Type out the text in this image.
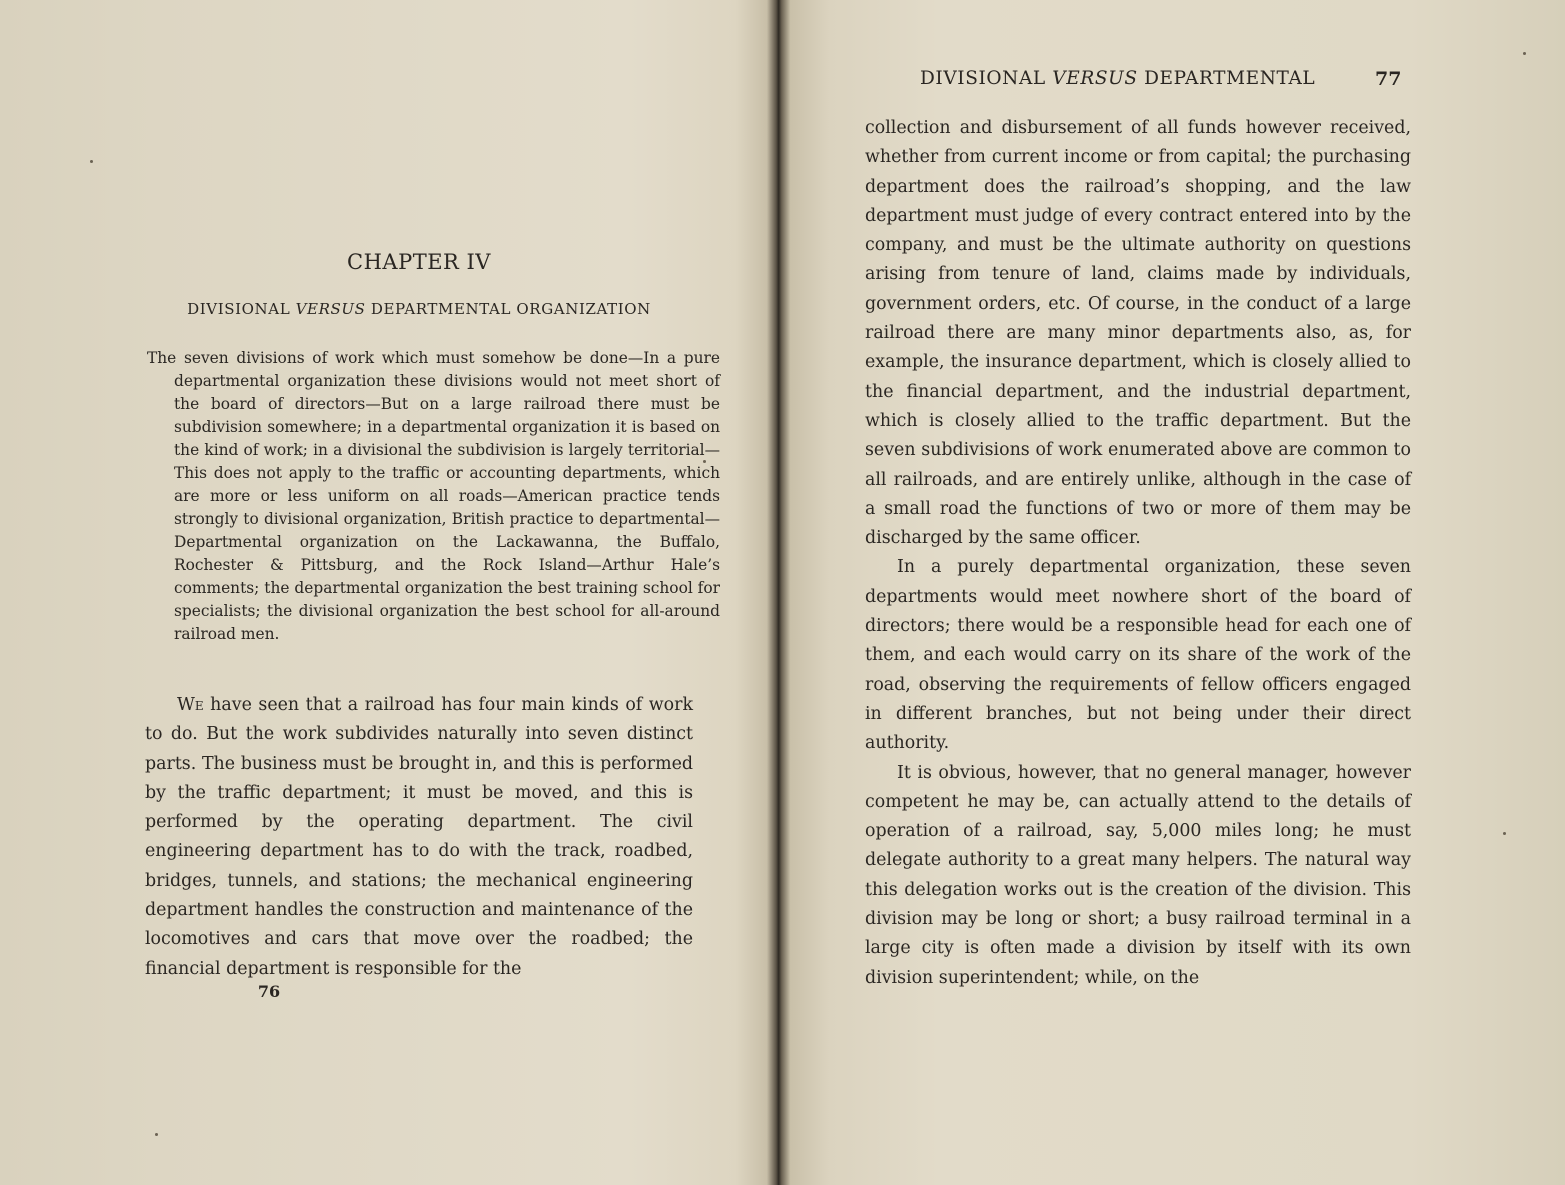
CHAPTER IV
DIVISIONAL VERSUS DEPARTMENTAL ORGANIZATION
The seven divisions of work which must somehow be done—In a pure departmental organization these divisions would not meet short of the board of directors—But on a large railroad there must be subdivision somewhere; in a departmental organization it is based on the kind of work; in a divisional the subdivision is largely territorial—This does not apply to the traffic or accounting departments, which are more or less uniform on all roads—American practice tends strongly to divisional organization, British practice to departmental—Departmental organization on the Lackawanna, the Buffalo, Rochester & Pittsburg, and the Rock Island—Arthur Hale’s comments; the departmental organization the best training school for specialists; the divisional organization the best school for all-around railroad men.

We have seen that a railroad has four main kinds of work to do. But the work subdivides naturally into seven distinct parts. The business must be brought in, and this is performed by the traffic department; it must be moved, and this is performed by the operating department. The civil engineering department has to do with the track, roadbed, bridges, tunnels, and stations; the mechanical engineering department handles the construction and maintenance of the locomotives and cars that move over the roadbed; the financial department is responsible for the

76
DIVISIONAL VERSUS DEPARTMENTAL	77

collection and disbursement of all funds however received, whether from current income or from capital; the purchasing department does the railroad’s shopping, and the law department must judge of every contract entered into by the company, and must be the ultimate authority on questions arising from tenure of land, claims made by individuals, government orders, etc. Of course, in the conduct of a large railroad there are many minor departments also, as, for example, the insurance department, which is closely allied to the financial department, and the industrial department, which is closely allied to the traffic department. But the seven subdivisions of work enumerated above are common to all railroads, and are entirely unlike, although in the case of a small road the functions of two or more of them may be discharged by the same officer.

In a purely departmental organization, these seven departments would meet nowhere short of the board of directors; there would be a responsible head for each one of them, and each would carry on its share of the work of the road, observing the requirements of fellow officers engaged in different branches, but not being under their direct authority.

It is obvious, however, that no general manager, however competent he may be, can actually attend to the details of operation of a railroad, say, 5,000 miles long; he must delegate authority to a great many helpers. The natural way this delegation works out is the creation of the division. This division may be long or short; a busy railroad terminal in a large city is often made a division by itself with its own division superintendent; while, on the
